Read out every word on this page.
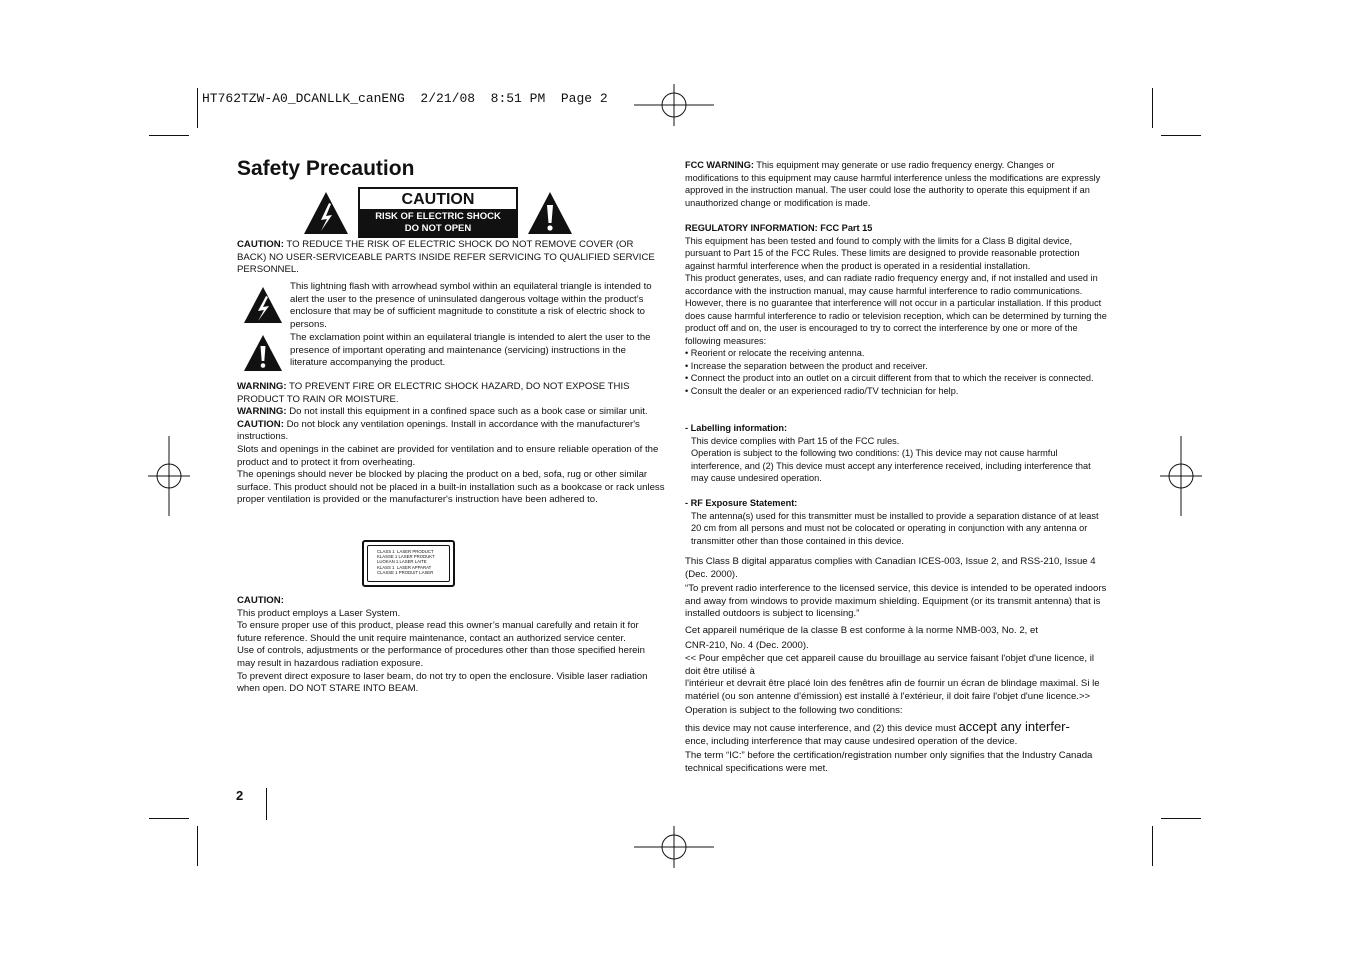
HT762TZW-A0_DCANLLK_canENG  2/21/08  8:51 PM  Page 2
Safety Precaution
CAUTION
RISK OF ELECTRIC SHOCK
DO NOT OPEN
CAUTION: TO REDUCE THE RISK OF ELECTRIC SHOCK DO NOT REMOVE COVER (OR BACK) NO USER-SERVICEABLE PARTS INSIDE REFER SERVICING TO QUALIFIED SERVICE PERSONNEL.
This lightning flash with arrowhead symbol within an equilateral triangle is intended to alert the user to the presence of uninsulated dangerous voltage within the product’s enclosure that may be of sufficient magnitude to constitute a risk of electric shock to persons.
The exclamation point within an equilateral triangle is intended to alert the user to the presence of important operating and maintenance (servicing) instructions in the literature accompanying the product.

WARNING: TO PREVENT FIRE OR ELECTRIC SHOCK HAZARD, DO NOT EXPOSE THIS PRODUCT TO RAIN OR MOISTURE.

WARNING: Do not install this equipment in a confined space such as a book case or similar unit.

CAUTION: Do not block any ventilation openings. Install in accordance with the manufacturer's instructions.

Slots and openings in the cabinet are provided for ventilation and to ensure reliable operation of the product and to protect it from overheating.

The openings should never be blocked by placing the product on a bed, sofa, rug or other similar surface. This product should not be placed in a built-in installation such as a bookcase or rack unless proper ventilation is provided or the manufacturer's instruction have been adhered to.

CLASS 1  LASER PRODUCT
KLASSE 1 LASER PRODUKT
LUOKAN 1 LASER LAITE
KLASS 1  LASER APPARAT
CLASSE 1 PRODUIT LASER

CAUTION:

This product employs a Laser System.

To ensure proper use of this product, please read this owner’s manual carefully and retain it for future reference. Should the unit require maintenance, contact an authorized service center.

Use of controls, adjustments or the performance of procedures other than those specified herein may result in hazardous radiation exposure.

To prevent direct exposure to laser beam, do not try to open the enclosure. Visible laser radiation when open. DO NOT STARE INTO BEAM.

2
FCC WARNING: This equipment may generate or use radio frequency energy. Changes or modifications to this equipment may cause harmful interference unless the modifications are expressly approved in the instruction manual. The user could lose the authority to operate this equipment if an unauthorized change or modification is made.

REGULATORY INFORMATION: FCC Part 15

This equipment has been tested and found to comply with the limits for a Class B digital device, pursuant to Part 15 of the FCC Rules. These limits are designed to provide reasonable protection against harmful interference when the product is operated in a residential installation.

This product generates, uses, and can radiate radio frequency energy and, if not installed and used in accordance with the instruction manual, may cause harmful interference to radio communications. However, there is no guarantee that interference will not occur in a particular installation. If this product does cause harmful interference to radio or television reception, which can be determined by turning the product off and on, the user is encouraged to try to correct the interference by one or more of the following measures:

• Reorient or relocate the receiving antenna.

• Increase the separation between the product and receiver.

• Connect the product into an outlet on a circuit different from that to which the receiver is connected.

• Consult the dealer or an experienced radio/TV technician for help.

- Labelling information:

This device complies with Part 15 of the FCC rules.

Operation is subject to the following two conditions: (1) This device may not cause harmful interference, and (2) This device must accept any interference received, including interference that may cause undesired operation.

- RF Exposure Statement:

The antenna(s) used for this transmitter must be installed to provide a separation distance of at least 20 cm from all persons and must not be colocated or operating in conjunction with any antenna or transmitter other than those contained in this device.

This Class B digital apparatus complies with Canadian ICES-003, Issue 2, and RSS-210, Issue 4 (Dec. 2000).

“To prevent radio interference to the licensed service, this device is intended to be operated indoors and away from windows to provide maximum shielding. Equipment (or its transmit antenna) that is installed outdoors is subject to licensing.”

Cet appareil numérique de la classe B est conforme à la norme NMB-003, No. 2, et

CNR-210, No. 4 (Dec. 2000).

<< Pour empêcher que cet appareil cause du brouillage au service faisant l'objet d'une licence, il doit être utilisé à

l'intérieur et devrait être placé loin des fenêtres afin de fournir un écran de blindage maximal. Si le matériel (ou son antenne d'émission) est installé à l'extérieur, il doit faire l'objet d'une licence.>>

Operation is subject to the following two conditions:

this device may not cause interference, and (2) this device must accept any interfer-

ence, including interference that may cause undesired operation of the device.

The term “IC:” before the certification/registration number only signifies that the Industry Canada technical specifications were met.
